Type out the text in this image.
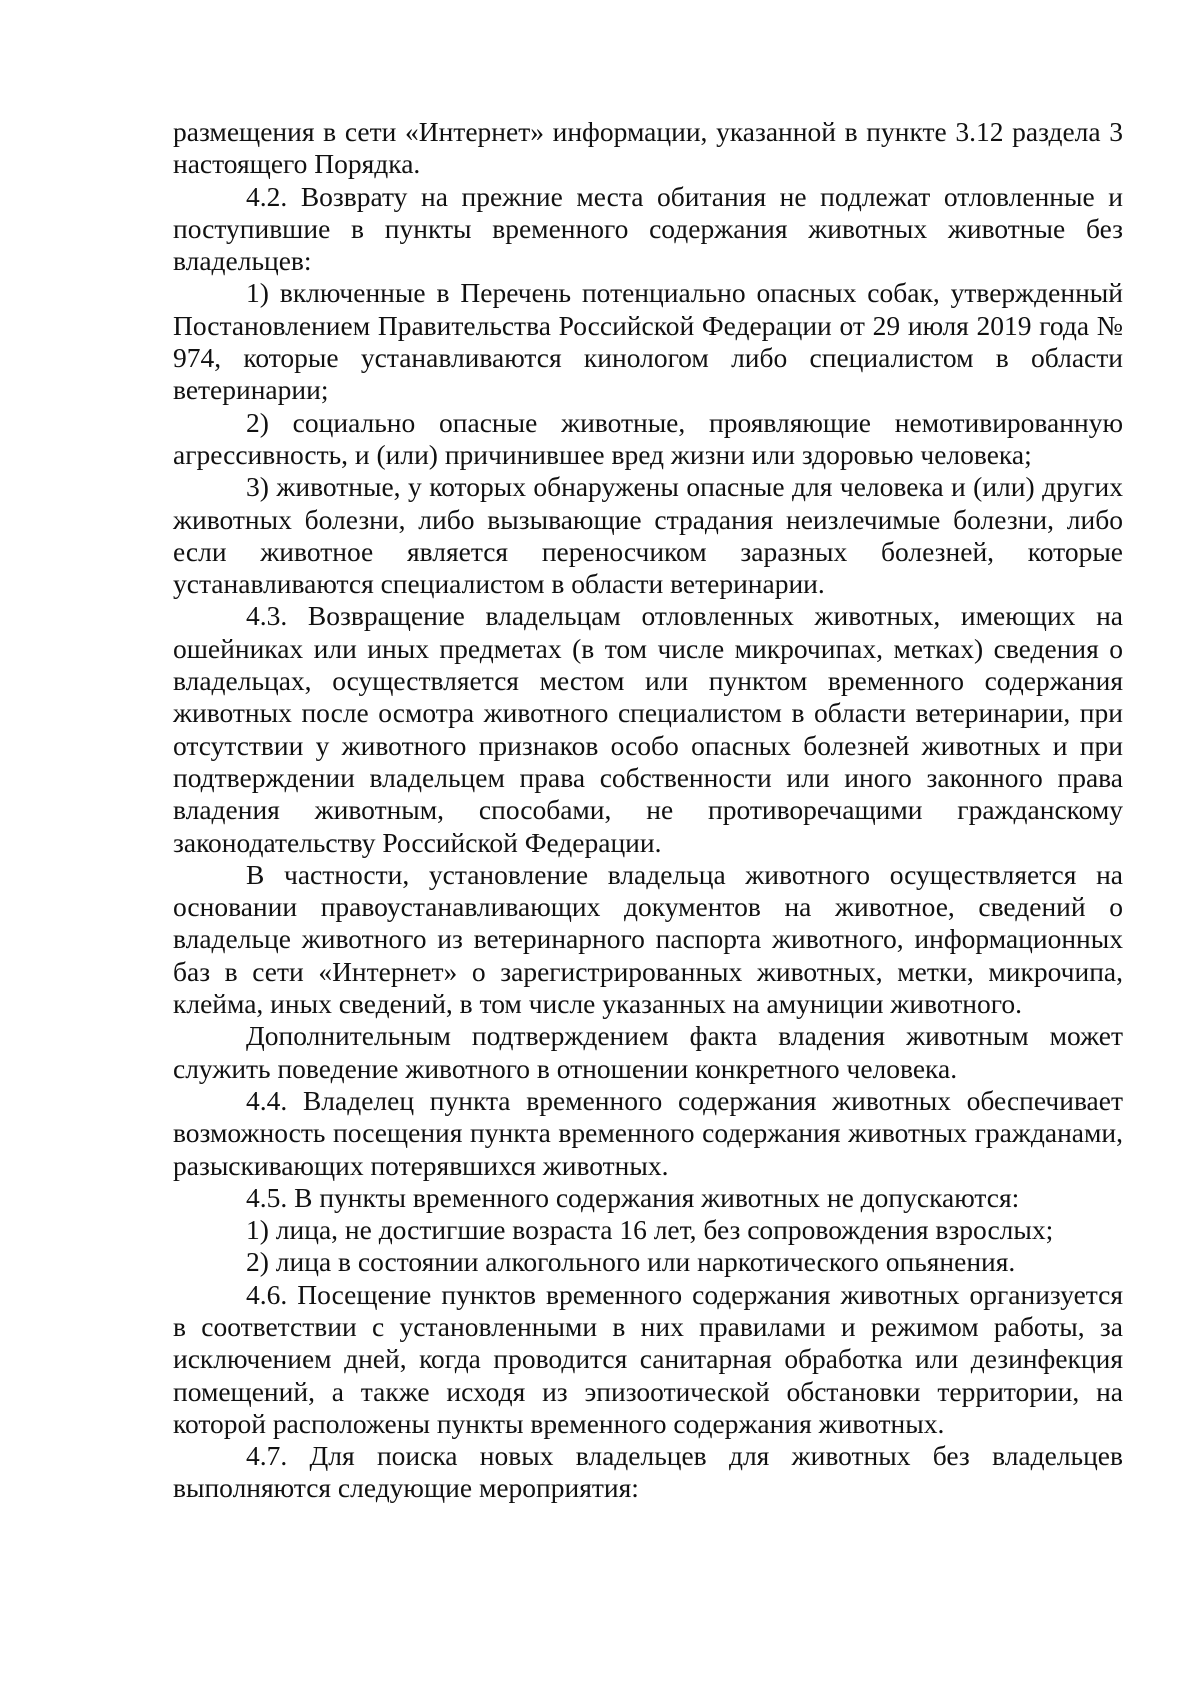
размещения в сети «Интернет» информации, указанной в пункте 3.12 раздела 3 настоящего Порядка.

4.2. Возврату на прежние места обитания не подлежат отловленные и поступившие в пункты временного содержания животных животные без владельцев:

1) включенные в Перечень потенциально опасных собак, утвержденный Постановлением Правительства Российской Федерации от 29 июля 2019 года № 974, которые устанавливаются кинологом либо специалистом в области ветеринарии;

2) социально опасные животные, проявляющие немотивированную агрессивность, и (или) причинившее вред жизни или здоровью человека;

3) животные, у которых обнаружены опасные для человека и (или) других животных болезни, либо вызывающие страдания неизлечимые болезни, либо если животное является переносчиком заразных болезней, которые устанавливаются специалистом в области ветеринарии.

4.3. Возвращение владельцам отловленных животных, имеющих на ошейниках или иных предметах (в том числе микрочипах, метках) сведения о владельцах, осуществляется местом или пунктом временного содержания животных после осмотра животного специалистом в области ветеринарии, при отсутствии у животного признаков особо опасных болезней животных и при подтверждении владельцем права собственности или иного законного права владения животным, способами, не противоречащими гражданскому законодательству Российской Федерации.

В частности, установление владельца животного осуществляется на основании правоустанавливающих документов на животное, сведений о владельце животного из ветеринарного паспорта животного, информационных баз в сети «Интернет» о зарегистрированных животных, метки, микрочипа, клейма, иных сведений, в том числе указанных на амуниции животного.

Дополнительным подтверждением факта владения животным может служить поведение животного в отношении конкретного человека.

4.4. Владелец пункта временного содержания животных обеспечивает возможность посещения пункта временного содержания животных гражданами, разыскивающих потерявшихся животных.

4.5. В пункты временного содержания животных не допускаются:

1) лица, не достигшие возраста 16 лет, без сопровождения взрослых;

2) лица в состоянии алкогольного или наркотического опьянения.

4.6. Посещение пунктов временного содержания животных организуется в соответствии с установленными в них правилами и режимом работы, за исключением дней, когда проводится санитарная обработка или дезинфекция помещений, а также исходя из эпизоотической обстановки территории, на которой расположены пункты временного содержания животных.

4.7. Для поиска новых владельцев для животных без владельцев выполняются следующие мероприятия:
